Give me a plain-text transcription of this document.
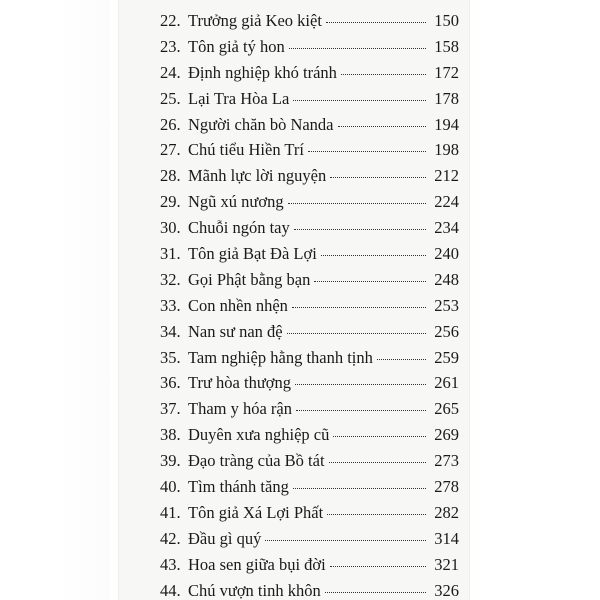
22. Trưởng giả Keo kiệt	150
23. Tôn giả tý hon	158
24. Định nghiệp khó tránh	172
25. Lại Tra Hòa La	178
26. Người chăn bò Nanda	194
27. Chú tiểu Hiền Trí	198
28. Mãnh lực lời nguyện	212
29. Ngũ xú nương	224
30. Chuỗi ngón tay	234
31. Tôn giả Bạt Đà Lợi	240
32. Gọi Phật bằng bạn	248
33. Con nhền nhện	253
34. Nan sư nan đệ	256
35. Tam nghiệp hằng thanh tịnh	259
36. Trư hòa thượng	261
37. Tham y hóa rận	265
38. Duyên xưa nghiệp cũ	269
39. Đạo tràng của Bồ tát	273
40. Tìm thánh tăng	278
41. Tôn giả Xá Lợi Phất	282
42. Đầu gì quý	314
43. Hoa sen giữa bụi đời	321
44. Chú vượn tinh khôn	326
